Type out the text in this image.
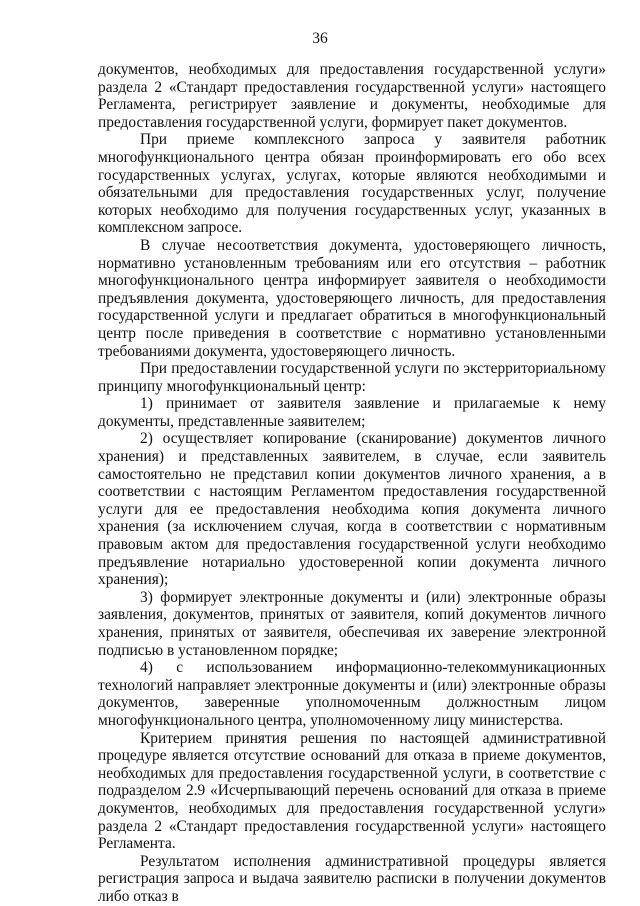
36

документов, необходимых для предоставления государственной услуги» раздела 2 «Стандарт предоставления государственной услуги» настоящего Регламента, регистрирует заявление и документы, необходимые для предоставления государственной услуги, формирует пакет документов.

При приеме комплексного запроса у заявителя работник многофункционального центра обязан проинформировать его обо всех государственных услугах, услугах, которые являются необходимыми и обязательными для предоставления государственных услуг, получение которых необходимо для получения государственных услуг, указанных в комплексном запросе.

В случае несоответствия документа, удостоверяющего личность, нормативно установленным требованиям или его отсутствия – работник многофункционального центра информирует заявителя о необходимости предъявления документа, удостоверяющего личность, для предоставления государственной услуги и предлагает обратиться в многофункциональный центр после приведения в соответствие с нормативно установленными требованиями документа, удостоверяющего личность.

При предоставлении государственной услуги по экстерриториальному принципу многофункциональный центр:

1) принимает от заявителя заявление и прилагаемые к нему документы, представленные заявителем;

2) осуществляет копирование (сканирование) документов личного хранения) и представленных заявителем, в случае, если заявитель самостоятельно не представил копии документов личного хранения, а в соответствии с настоящим Регламентом предоставления государственной услуги для ее предоставления необходима копия документа личного хранения (за исключением случая, когда в соответствии с нормативным правовым актом для предоставления государственной услуги необходимо предъявление нотариально удостоверенной копии документа личного хранения);

3) формирует электронные документы и (или) электронные образы заявления, документов, принятых от заявителя, копий документов личного хранения, принятых от заявителя, обеспечивая их заверение электронной подписью в установленном порядке;

4) с использованием информационно-телекоммуникационных технологий направляет электронные документы и (или) электронные образы документов, заверенные уполномоченным должностным лицом многофункционального центра, уполномоченному лицу министерства.

Критерием принятия решения по настоящей административной процедуре является отсутствие оснований для отказа в приеме документов, необходимых для предоставления государственной услуги, в соответствие с подразделом 2.9 «Исчерпывающий перечень оснований для отказа в приеме документов, необходимых для предоставления государственной услуги» раздела 2 «Стандарт предоставления государственной услуги» настоящего Регламента.

Результатом исполнения административной процедуры является регистрация запроса и выдача заявителю расписки в получении документов либо отказ в
